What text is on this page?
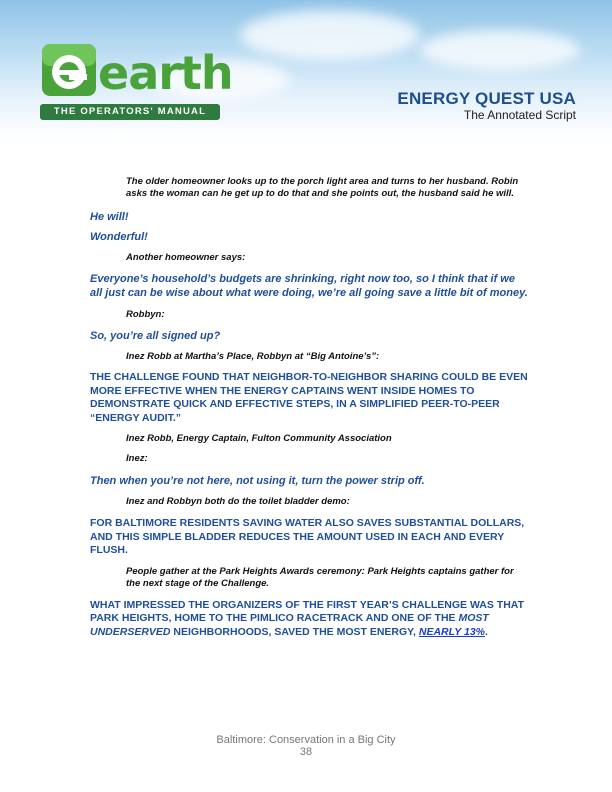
earth
THE OPERATORS' MANUAL
ENERGY QUEST USA
The Annotated Script
The older homeowner looks up to the porch light area and turns to her husband. Robin asks the woman can he get up to do that and she points out, the husband said he will.
He will!
Wonderful!
Another homeowner says:
Everyone’s household’s budgets are shrinking, right now too, so I think that if we all just can be wise about what were doing, we’re all going save a little bit of money.
Robbyn:
So, you’re all signed up?
Inez Robb at Martha’s Place, Robbyn at “Big Antoine’s”:
THE CHALLENGE FOUND THAT NEIGHBOR-TO-NEIGHBOR SHARING COULD BE EVEN MORE EFFECTIVE WHEN THE ENERGY CAPTAINS WENT INSIDE HOMES TO DEMONSTRATE QUICK AND EFFECTIVE STEPS, IN A SIMPLIFIED PEER-TO-PEER “ENERGY AUDIT.”
Inez Robb, Energy Captain, Fulton Community Association
Inez:
Then when you’re not here, not using it, turn the power strip off.
Inez and Robbyn both do the toilet bladder demo:
FOR BALTIMORE RESIDENTS SAVING WATER ALSO SAVES SUBSTANTIAL DOLLARS, AND THIS SIMPLE BLADDER REDUCES THE AMOUNT USED IN EACH AND EVERY FLUSH.
People gather at the Park Heights Awards ceremony: Park Heights captains gather for the next stage of the Challenge.
WHAT IMPRESSED THE ORGANIZERS OF THE FIRST YEAR’S CHALLENGE WAS THAT PARK HEIGHTS, HOME TO THE PIMLICO RACETRACK AND ONE OF THE MOST UNDERSERVED NEIGHBORHOODS, SAVED THE MOST ENERGY, NEARLY 13%.
Baltimore: Conservation in a Big City
38
